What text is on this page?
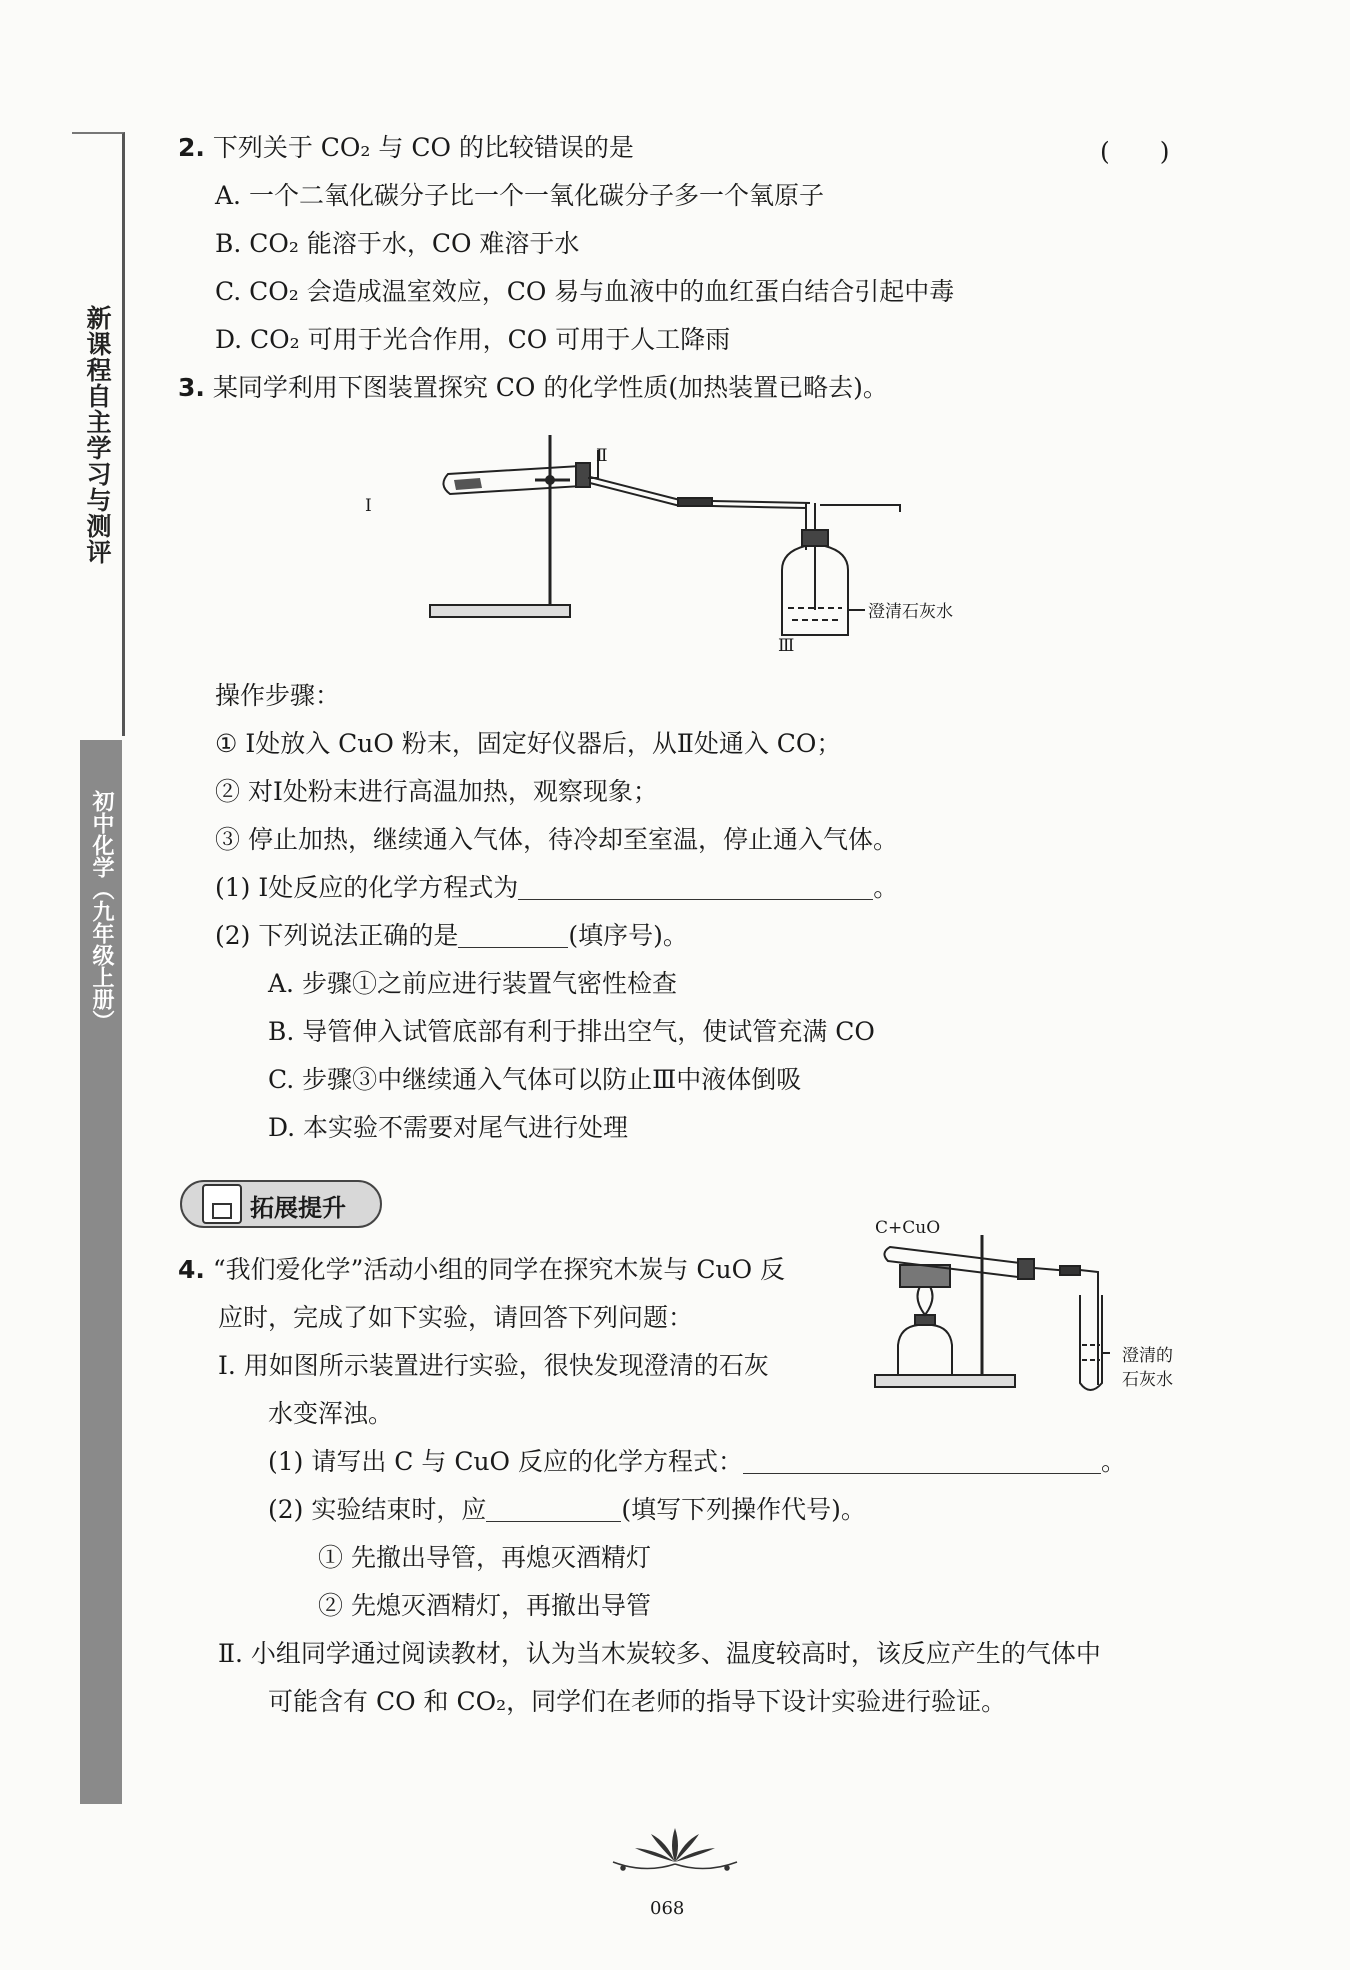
新课程自主学习与测评
初中化学（九年级上册）
2. 下列关于 CO₂ 与 CO 的比较错误的是	(　　)
A. 一个二氧化碳分子比一个一氧化碳分子多一个氧原子
B. CO₂ 能溶于水，CO 难溶于水
C. CO₂ 会造成温室效应，CO 易与血液中的血红蛋白结合引起中毒
D. CO₂ 可用于光合作用，CO 可用于人工降雨
3. 某同学利用下图装置探究 CO 的化学性质(加热装置已略去)。
Ⅰ
Ⅱ
Ⅲ
澄清石灰水
操作步骤：
① Ⅰ处放入 CuO 粉末，固定好仪器后，从Ⅱ处通入 CO；
② 对Ⅰ处粉末进行高温加热，观察现象；
③ 停止加热，继续通入气体，待冷却至室温，停止通入气体。
(1) Ⅰ处反应的化学方程式为	。
(2) 下列说法正确的是	(填序号)。
A. 步骤①之前应进行装置气密性检查
B. 导管伸入试管底部有利于排出空气，使试管充满 CO
C. 步骤③中继续通入气体可以防止Ⅲ中液体倒吸
D. 本实验不需要对尾气进行处理
拓展提升
C+CuO
澄清的
石灰水
4. “我们爱化学”活动小组的同学在探究木炭与 CuO 反
应时，完成了如下实验，请回答下列问题：
Ⅰ. 用如图所示装置进行实验，很快发现澄清的石灰
水变浑浊。
(1) 请写出 C 与 CuO 反应的化学方程式：	。
(2) 实验结束时，应	(填写下列操作代号)。
① 先撤出导管，再熄灭酒精灯
② 先熄灭酒精灯，再撤出导管
Ⅱ. 小组同学通过阅读教材，认为当木炭较多、温度较高时，该反应产生的气体中
可能含有 CO 和 CO₂，同学们在老师的指导下设计实验进行验证。
068
